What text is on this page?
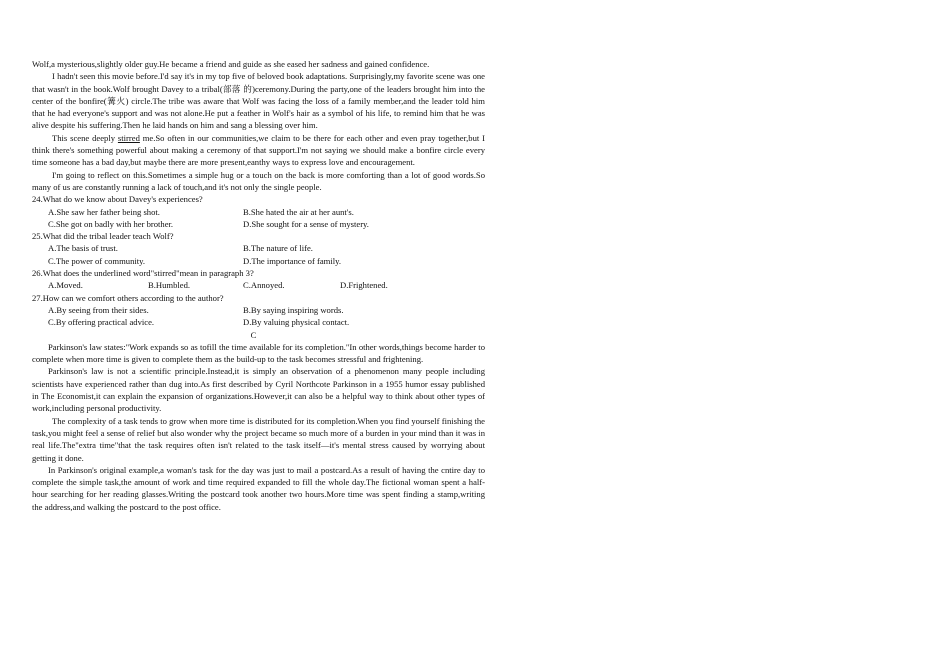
Wolf,a mysterious,slightly older guy.He became a friend and guide as she eased her sadness and gained confidence.

I hadn't seen this movie before.I'd say it's in my top five of beloved book adaptations. Surprisingly,my favorite scene was one that wasn't in the book.Wolf brought Davey to a tribal(部落 的)ceremony.During the party,one of the leaders brought him into the center of the bonfire(篝火) circle.The tribe was aware that Wolf was facing the loss of a family member,and the leader told him that he had everyone's support and was not alone.He put a feather in Wolf's hair as a symbol of his life, to remind him that he was alive despite his suffering.Then he laid hands on him and sang a blessing over him.

This scene deeply stirred me.So often in our communities,we claim to be there for each other and even pray together,but I think there's something powerful about making a ceremony of that support.I'm not saying we should make a bonfire circle every time someone has a bad day,but maybe there are more present,eanthy ways to express love and encouragement.

I'm going to reflect on this.Sometimes a simple hug or a touch on the back is more comforting than a lot of good words.So many of us are constantly running a lack of touch,and it's not only the single people.

24.What do we know about Davey's experiences?

A.She saw her father being shot.	B.She hated the air at her aunt's.
C.She got on badly with her brother.	D.She sought for a sense of mystery.

25.What did the tribal leader teach Wolf?

A.The basis of trust.	B.The nature of life.
C.The power of community.	D.The importance of family.

26.What does the underlined word"stirred"mean in paragraph 3?

A.Moved.	B.Humbled.	C.Annoyed.	D.Frightened.

27.How can we comfort others according to the author?

A.By seeing from their sides.	B.By saying inspiring words.
C.By offering practical advice.	D.By valuing physical contact.

C

Parkinson's law states:"Work expands so as tofill the time available for its completion."In other words,things become harder to complete when more time is given to complete them as the build-up to the task becomes stressful and frightening.

Parkinson's law is not a scientific principle.Instead,it is simply an observation of a phenomenon many people including scientists have experienced rather than dug into.As first described by Cyril Northcote Parkinson in a 1955 humor essay published in The Economist,it can explain the expansion of organizations.However,it can also be a helpful way to think about other types of work,including personal productivity.

The complexity of a task tends to grow when more time is distributed for its completion.When you find yourself finishing the task,you might feel a sense of relief but also wonder why the project became so much more of a burden in your mind than it was in real life.The"extra time"that the task requires often isn't related to the task itself—it's mental stress caused by worrying about getting it done.

In Parkinson's original example,a woman's task for the day was just to mail a postcard.As a result of having the cntire day to complete the simple task,the amount of work and time required expanded to fill the whole day.The fictional woman spent a half-hour searching for her reading glasses.Writing the postcard took another two hours.More time was spent finding a stamp,writing the address,and walking the postcard to the post office.
